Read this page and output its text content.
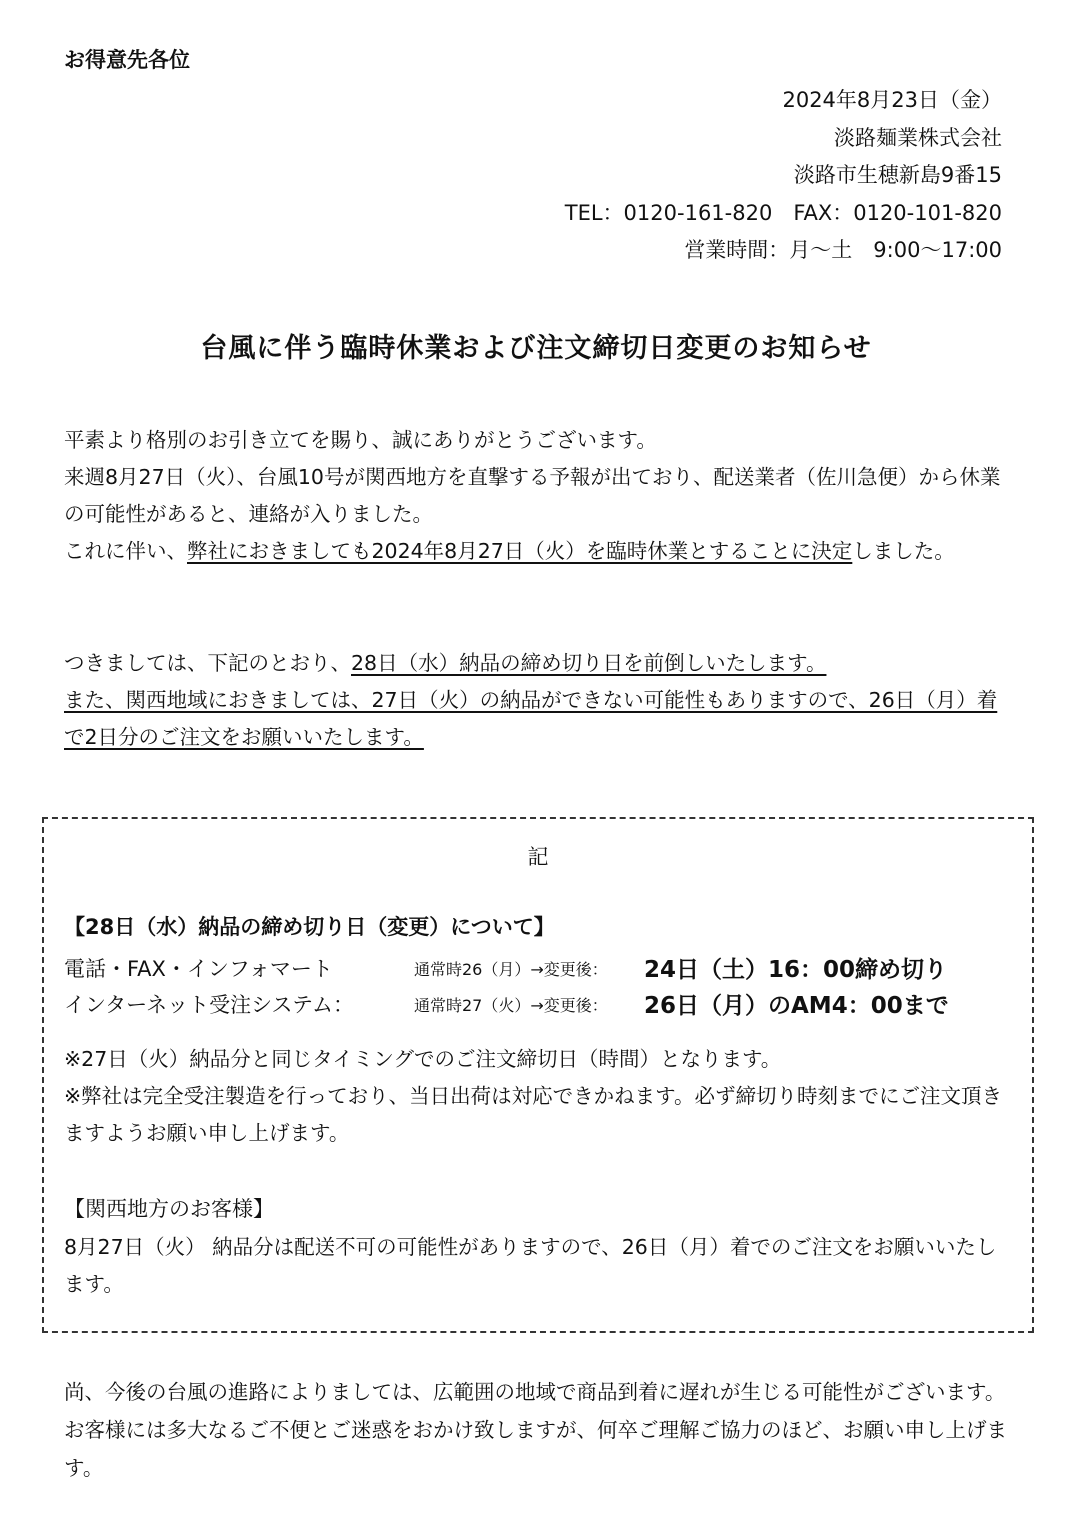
お得意先各位
2024年8月23日（金）
淡路麺業株式会社
淡路市生穂新島9番15
TEL：0120-161-820　FAX：0120-101-820
営業時間：月～土　9:00～17:00
台風に伴う臨時休業および注文締切日変更のお知らせ

平素より格別のお引き立てを賜り、誠にありがとうございます。

来週8月27日（火）、台風10号が関西地方を直撃する予報が出ており、配送業者（佐川急便）から休業の可能性があると、連絡が入りました。

これに伴い、弊社におきましても2024年8月27日（火）を臨時休業とすることに決定しました。

つきましては、下記のとおり、28日（水）納品の締め切り日を前倒しいたします。

また、関西地域におきましては、27日（火）の納品ができない可能性もありますので、26日（月）着で2日分のご注文をお願いいたします。

記
【28日（水）納品の締め切り日（変更）について】
電話・FAX・インフォマート	通常時26（月）→変更後： 24日（土）16：00締め切り
インターネット受注システム：	通常時27（火）→変更後： 26日（月）のAM4：00まで

※27日（火）納品分と同じタイミングでのご注文締切日（時間）となります。

※弊社は完全受注製造を行っており、当日出荷は対応できかねます。必ず締切り時刻までにご注文頂きますようお願い申し上げます。

【関西地方のお客様】
8月27日（火） 納品分は配送不可の可能性がありますので、26日（月）着でのご注文をお願いいたします。
尚、今後の台風の進路によりましては、広範囲の地域で商品到着に遅れが生じる可能性がございます。お客様には多大なるご不便とご迷惑をおかけ致しますが、何卒ご理解ご協力のほど、お願い申し上げます。
